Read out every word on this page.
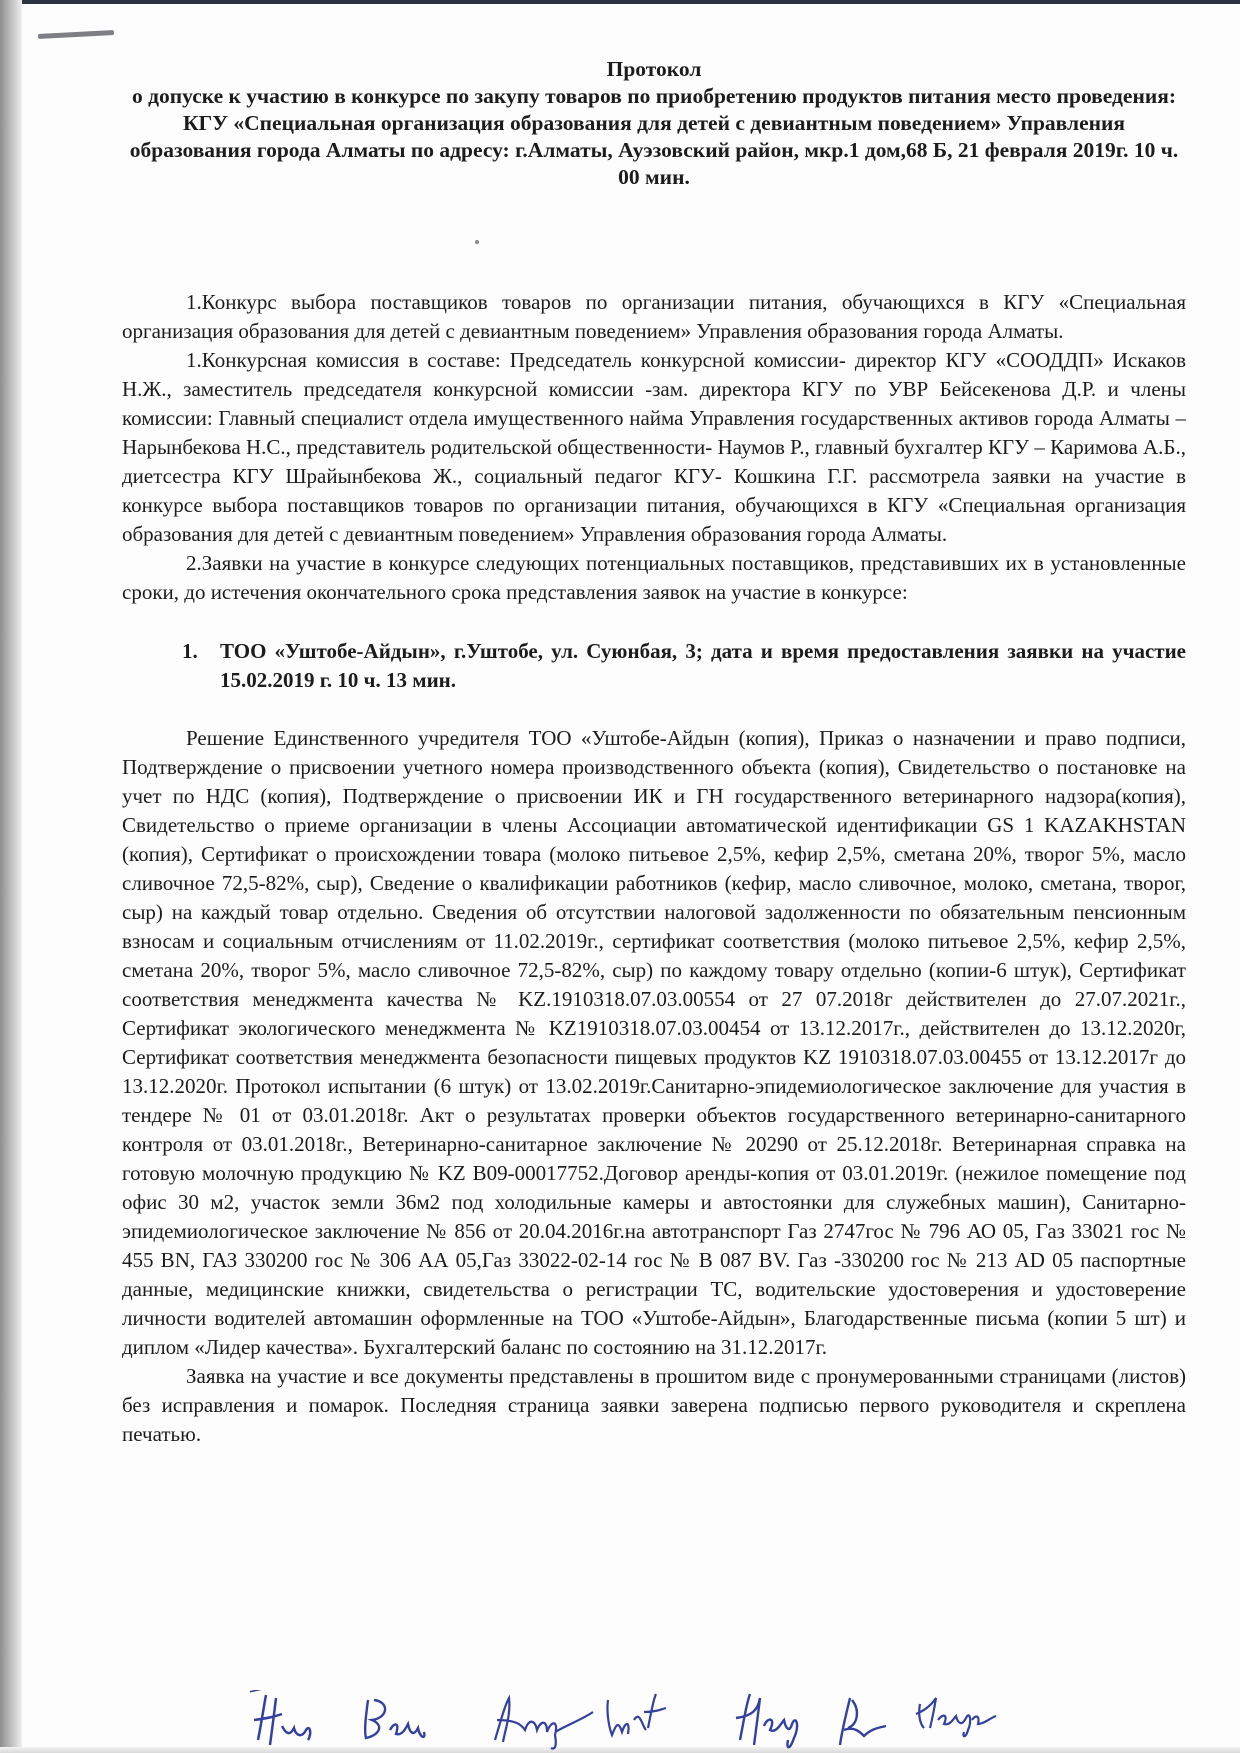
Протокол
о допуске к участию в конкурсе по закупу товаров по приобретению продуктов питания место проведения: КГУ «Специальная организация образования для детей с девиантным поведением» Управления образования города Алматы по адресу: г.Алматы, Ауэзовский район, мкр.1 дом,68 Б, 21 февраля 2019г. 10 ч. 00 мин.

1.Конкурс выбора поставщиков товаров по организации питания, обучающихся в КГУ «Специальная организация образования для детей с девиантным поведением» Управления образования города Алматы.

1.Конкурсная комиссия в составе: Председатель конкурсной комиссии- директор КГУ «СООДДП» Искаков Н.Ж., заместитель председателя конкурсной комиссии -зам. директора КГУ по УВР Бейсекенова Д.Р. и члены комиссии: Главный специалист отдела имущественного найма Управления государственных активов города Алматы – Нарынбекова Н.С., представитель родительской общественности- Наумов Р., главный бухгалтер КГУ – Каримова А.Б., диетсестра КГУ Шрайынбекова Ж., социальный педагог КГУ- Кошкина Г.Г. рассмотрела заявки на участие в конкурсе выбора поставщиков товаров по организации питания, обучающихся в КГУ «Специальная организация образования для детей с девиантным поведением» Управления образования города Алматы.

2.Заявки на участие в конкурсе следующих потенциальных поставщиков, представивших их в установленные сроки, до истечения окончательного срока представления заявок на участие в конкурсе:

1.	ТОО «Уштобе-Айдын», г.Уштобе, ул. Суюнбая, 3; дата и время предоставления заявки на участие 15.02.2019 г. 10 ч. 13 мин.

Решение Единственного учредителя ТОО «Уштобе-Айдын (копия), Приказ о назначении и право подписи, Подтверждение о присвоении учетного номера производственного объекта (копия), Свидетельство о постановке на учет по НДС (копия), Подтверждение о присвоении ИК и ГН государственного ветеринарного надзора(копия), Свидетельство о приеме организации в члены Ассоциации автоматической идентификации GS 1 KAZAKHSTAN (копия), Сертификат о происхождении товара (молоко питьевое 2,5%, кефир 2,5%, сметана 20%, творог 5%, масло сливочное 72,5-82%, сыр), Сведение о квалификации работников (кефир, масло сливочное, молоко, сметана, творог, сыр) на каждый товар отдельно. Сведения об отсутствии налоговой задолженности по обязательным пенсионным взносам и социальным отчислениям от 11.02.2019г., сертификат соответствия (молоко питьевое 2,5%, кефир 2,5%, сметана 20%, творог 5%, масло сливочное 72,5-82%, сыр) по каждому товару отдельно (копии-6 штук), Сертификат соответствия менеджмента качества № KZ.1910318.07.03.00554 от 27 07.2018г действителен до 27.07.2021г., Сертификат экологического менеджмента № KZ1910318.07.03.00454 от 13.12.2017г., действителен до 13.12.2020г, Сертификат соответствия менеджмента безопасности пищевых продуктов KZ 1910318.07.03.00455 от 13.12.2017г до 13.12.2020г. Протокол испытании (6 штук) от 13.02.2019г.Санитарно-эпидемиологическое заключение для участия в тендере № 01 от 03.01.2018г. Акт о результатах проверки объектов государственного ветеринарно-санитарного контроля от 03.01.2018г., Ветеринарно-санитарное заключение № 20290 от 25.12.2018г. Ветеринарная справка на готовую молочную продукцию № KZ B09-00017752.Договор аренды-копия от 03.01.2019г. (нежилое помещение под офис 30 м2, участок земли 36м2 под холодильные камеры и автостоянки для служебных машин), Санитарно-эпидемиологическое заключение № 856 от 20.04.2016г.на автотранспорт Газ 2747гос № 796 АО 05, Газ 33021 гос № 455 BN, ГАЗ 330200 гос № 306 АА 05,Газ 33022-02-14 гос № В 087 BV. Газ -330200 гос № 213 AD 05 паспортные данные, медицинские книжки, свидетельства о регистрации ТС, водительские удостоверения и удостоверение личности водителей автомашин оформленные на ТОО «Уштобе-Айдын», Благодарственные письма (копии 5 шт) и диплом «Лидер качества». Бухгалтерский баланс по состоянию на 31.12.2017г.

Заявка на участие и все документы представлены в прошитом виде с пронумерованными страницами (листов) без исправления и помарок. Последняя страница заявки заверена подписью первого руководителя и скреплена печатью.
